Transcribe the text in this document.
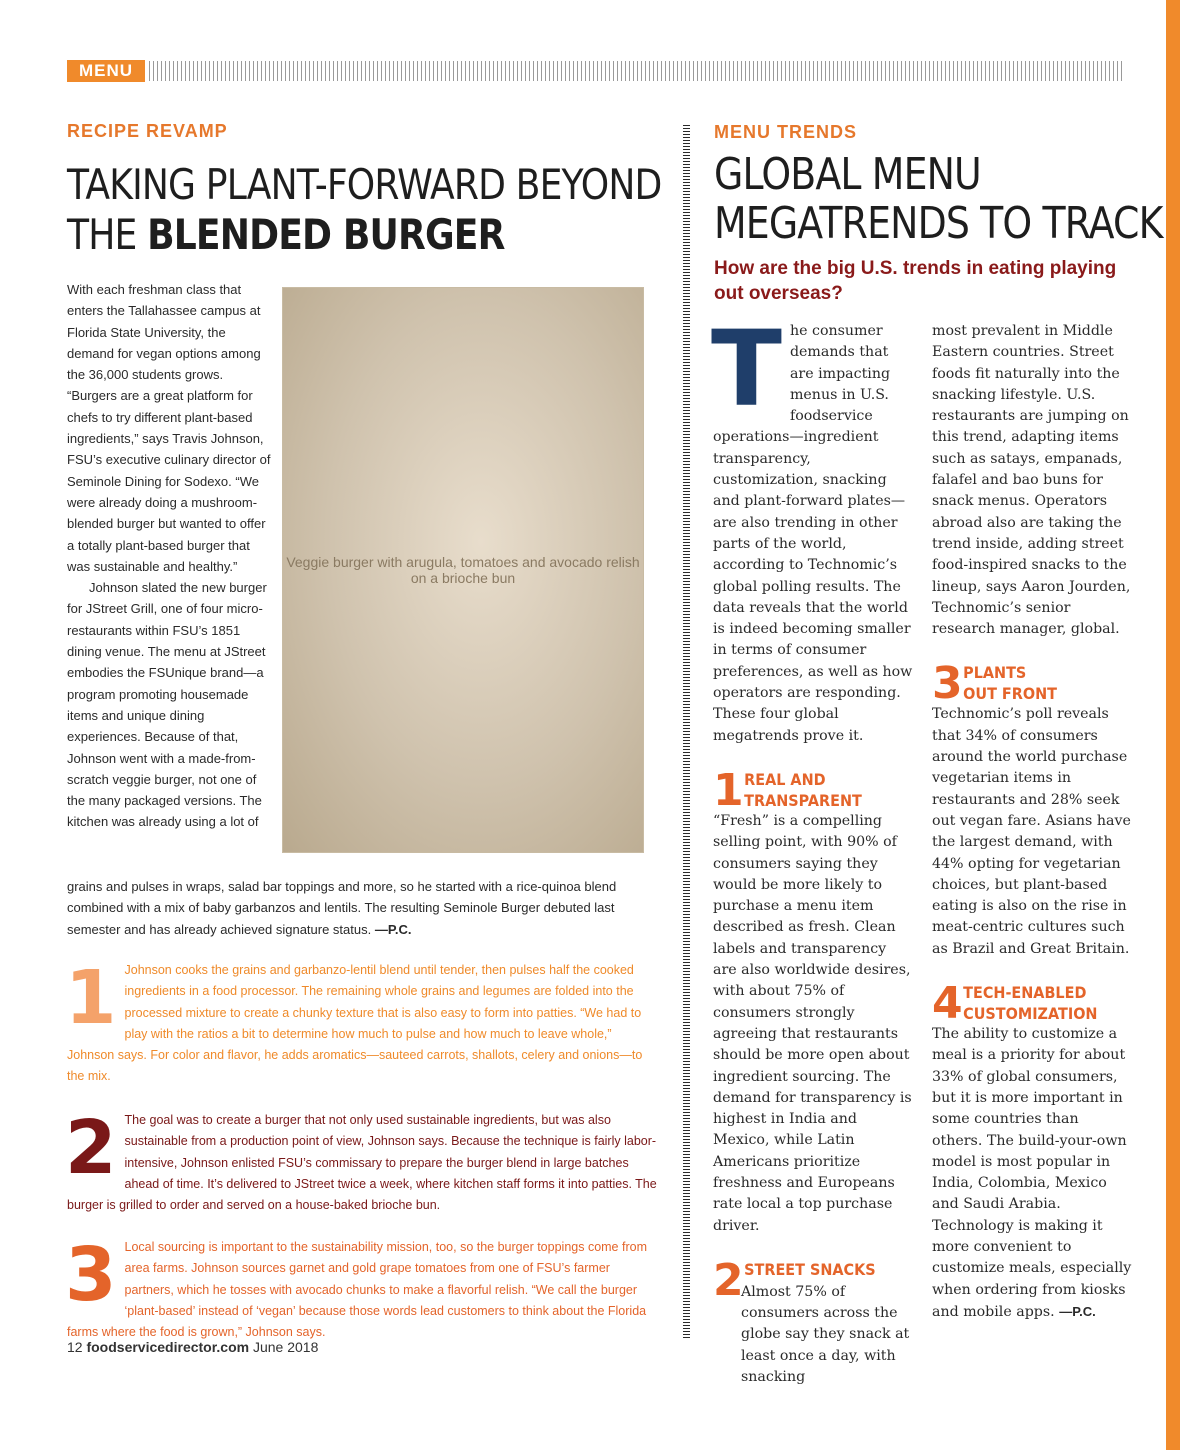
MENU
RECIPE REVAMP
TAKING PLANT-FORWARD BEYOND
THE BLENDED BURGER
Veggie burger with arugula, tomatoes and avocado relish on a brioche bun

With each freshman class that enters the Tallahassee campus at Florida State University, the demand for vegan options among the 36,000 students grows. “Burgers are a great platform for chefs to try different plant-based ingredients,” says Travis Johnson, FSU’s executive culinary director of Seminole Dining for Sodexo. “We were already doing a mushroom-blended burger but wanted to offer a totally plant-based burger that was sustainable and healthy.”

Johnson slated the new burger for JStreet Grill, one of four micro-restaurants within FSU’s 1851 dining venue. The menu at JStreet embodies the FSUnique brand—a program promoting housemade items and unique dining experiences. Because of that, Johnson went with a made-from-scratch veggie burger, not one of the many packaged versions. The kitchen was already using a lot of

grains and pulses in wraps, salad bar toppings and more, so he started with a rice-quinoa blend combined with a mix of baby garbanzos and lentils. The resulting Seminole Burger debuted last semester and has already achieved signature status. —P.C.

1 Johnson cooks the grains and garbanzo-lentil blend until tender, then pulses half the cooked ingredients in a food processor. The remaining whole grains and legumes are folded into the processed mixture to create a chunky texture that is also easy to form into patties. “We had to play with the ratios a bit to determine how much to pulse and how much to leave whole,” Johnson says. For color and flavor, he adds aromatics—sauteed carrots, shallots, celery and onions—to the mix.
2 The goal was to create a burger that not only used sustainable ingredients, but was also sustainable from a production point of view, Johnson says. Because the technique is fairly labor-intensive, Johnson enlisted FSU’s commissary to prepare the burger blend in large batches ahead of time. It’s delivered to JStreet twice a week, where kitchen staff forms it into patties. The burger is grilled to order and served on a house-baked brioche bun.
3 Local sourcing is important to the sustainability mission, too, so the burger toppings come from area farms. Johnson sources garnet and gold grape tomatoes from one of FSU’s farmer partners, which he tosses with avocado chunks to make a flavorful relish. “We call the burger ‘plant-based’ instead of ‘vegan’ because those words lead customers to think about the Florida farms where the food is grown,” Johnson says.
12 foodservicedirector.com June 2018
MENU TRENDS
GLOBAL MENU
MEGATRENDS TO TRACK
How are the big U.S. trends in eating playing out overseas?

The consumer demands that are impacting menus in U.S. foodservice operations—ingredient transparency, customization, snacking and plant-forward plates—are also trending in other parts of the world, according to Technomic’s global polling results. The data reveals that the world is indeed becoming smaller in terms of consumer preferences, as well as how operators are responding. These four global megatrends prove it.

1 REAL AND
TRANSPARENT

“Fresh” is a compelling selling point, with 90% of consumers saying they would be more likely to purchase a menu item described as fresh. Clean labels and transparency are also worldwide desires, with about 75% of consumers strongly agreeing that restaurants should be more open about ingredient sourcing. The demand for transparency is highest in India and Mexico, while Latin Americans prioritize freshness and Europeans rate local a top purchase driver.

2 STREET SNACKS

Almost 75% of consumers across the globe say they snack at least once a day, with snacking

most prevalent in Middle Eastern countries. Street foods fit naturally into the snacking lifestyle. U.S. restaurants are jumping on this trend, adapting items such as satays, empanads, falafel and bao buns for snack menus. Operators abroad also are taking the trend inside, adding street food-inspired snacks to the lineup, says Aaron Jourden, Technomic’s senior research manager, global.

3 PLANTS
OUT FRONT

Technomic’s poll reveals that 34% of consumers around the world purchase vegetarian items in restaurants and 28% seek out vegan fare. Asians have the largest demand, with 44% opting for vegetarian choices, but plant-based eating is also on the rise in meat-centric cultures such as Brazil and Great Britain.

4 TECH-ENABLED
CUSTOMIZATION

The ability to customize a meal is a priority for about 33% of global consumers, but it is more important in some countries than others. The build-your-own model is most popular in India, Colombia, Mexico and Saudi Arabia. Technology is making it more convenient to customize meals, especially when ordering from kiosks and mobile apps. —P.C.
